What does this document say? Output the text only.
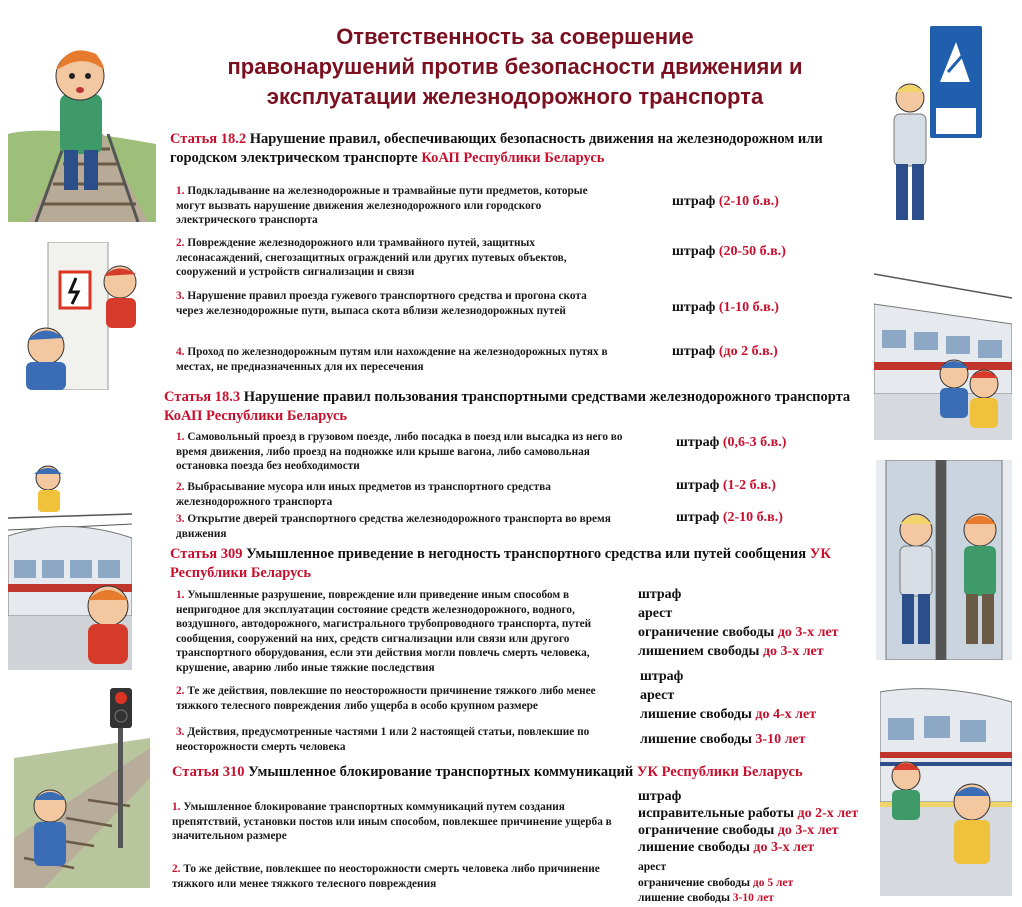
Ответственность за совершение
правонарушений против безопасности движенияи и
эксплуатации железнодорожного транспорта
ПЕРЕХОД
ПО МОСТУ
Статья 18.2 Нарушение правил, обеспечивающих безопасность движения на железнодорожном или городском электрическом транспорте КоАП Республики Беларусь
1. Подкладывание на железнодорожные и трамвайные пути предметов, которые могут вызвать нарушение движения железнодорожного или городского электрического транспорта
штраф (2-10 б.в.)
2. Повреждение железнодорожного или трамвайного путей, защитных лесонасаждений, снегозащитных ограждений или других путевых объектов, сооружений и устройств сигнализации и связи
штраф (20-50 б.в.)
3. Нарушение правил проезда гужевого транспортного средства и прогона скота через железнодорожные пути, выпаса скота вблизи железнодорожных путей	штраф (1-10 б.в.)
4. Проход по железнодорожным путям или нахождение на железнодорожных путях в местах, не предназначенных для их пересечения
штраф (до 2 б.в.)
Статья 18.3 Нарушение правил пользования транспортными средствами железнодорожного транспорта КоАП Республики Беларусь
1. Самовольный проезд в грузовом поезде, либо посадка в поезд или высадка из него во время движения, либо проезд на подножке или крыше вагона, либо самовольная остановка поезда без необходимости
штраф (0,6-3 б.в.)
2. Выбрасывание мусора или иных предметов из транспортного средства железнодорожного транспорта
штраф (1-2 б.в.)
3. Открытие дверей транспортного средства железнодорожного транспорта во время движения
штраф (2-10 б.в.)
Статья 309 Умышленное приведение в негодность транспортного средства или путей сообщения УК Республики Беларусь
1. Умышленные разрушение, повреждение или приведение иным способом в непригодное для эксплуатации состояние средств железнодорожного, водного, воздушного, автодорожного, магистрального трубопроводного транспорта, путей сообщения, сооружений на них, средств сигнализации или связи или другого транспортного оборудования, если эти действия могли повлечь смерть человека, крушение, аварию либо иные тяжкие последствия
штраф
арест
ограничение свободы до 3-х лет
лишением свободы до 3-х лет
2. Те же действия, повлекшие по неосторожности причинение тяжкого либо менее тяжкого телесного повреждения либо ущерба в особо крупном размере
штраф
арест
лишение свободы до 4-х лет
3. Действия, предусмотренные частями 1 или 2 настоящей статьи, повлекшие по неосторожности смерть человека	лишение свободы 3-10 лет
Статья 310 Умышленное блокирование транспортных коммуникаций УК Республики Беларусь
1. Умышленное блокирование транспортных коммуникаций путем создания препятствий, установки постов или иным способом, повлекшее причинение ущерба в значительном размере
штраф
исправительные работы до 2-х лет
ограничение свободы до 3-х лет
лишение свободы до 3-х лет
2. То же действие, повлекшее по неосторожности смерть человека либо причинение тяжкого или менее тяжкого телесного повреждения
арест
ограничение свободы до 5 лет
лишение свободы 3-10 лет
